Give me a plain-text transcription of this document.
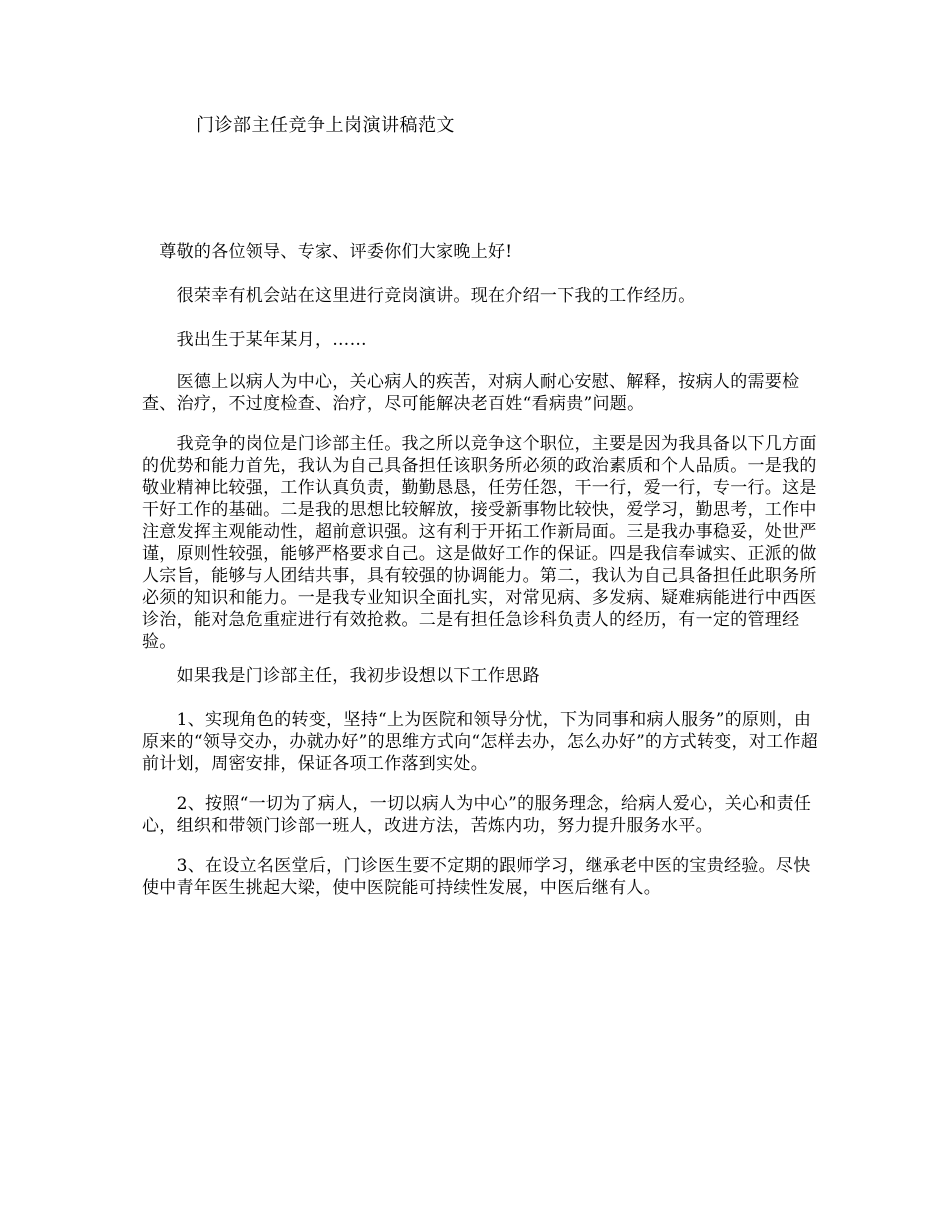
门诊部主任竞争上岗演讲稿范文

　尊敬的各位领导、专家、评委你们大家晚上好!

　　很荣幸有机会站在这里进行竞岗演讲。现在介绍一下我的工作经历。

　　我出生于某年某月，……

　　医德上以病人为中心，关心病人的疾苦，对病人耐心安慰、解释，按病人的需要检查、治疗，不过度检查、治疗，尽可能解决老百姓“看病贵”问题。

　　我竞争的岗位是门诊部主任。我之所以竞争这个职位，主要是因为我具备以下几方面的优势和能力首先，我认为自己具备担任该职务所必须的政治素质和个人品质。一是我的敬业精神比较强，工作认真负责，勤勤恳恳，任劳任怨，干一行，爱一行，专一行。这是干好工作的基础。二是我的思想比较解放，接受新事物比较快，爱学习，勤思考，工作中注意发挥主观能动性，超前意识强。这有利于开拓工作新局面。三是我办事稳妥，处世严谨，原则性较强，能够严格要求自己。这是做好工作的保证。四是我信奉诚实、正派的做人宗旨，能够与人团结共事，具有较强的协调能力。第二，我认为自己具备担任此职务所必须的知识和能力。一是我专业知识全面扎实，对常见病、多发病、疑难病能进行中西医诊治，能对急危重症进行有效抢救。二是有担任急诊科负责人的经历，有一定的管理经验。

　　如果我是门诊部主任，我初步设想以下工作思路

　　1、实现角色的转变，坚持“上为医院和领导分忧，下为同事和病人服务”的原则，由原来的“领导交办，办就办好”的思维方式向“怎样去办，怎么办好”的方式转变，对工作超前计划，周密安排，保证各项工作落到实处。

　　2、按照“一切为了病人，一切以病人为中心”的服务理念，给病人爱心，关心和责任心，组织和带领门诊部一班人，改进方法，苦炼内功，努力提升服务水平。

　　3、在设立名医堂后，门诊医生要不定期的跟师学习，继承老中医的宝贵经验。尽快使中青年医生挑起大梁，使中医院能可持续性发展，中医后继有人。
